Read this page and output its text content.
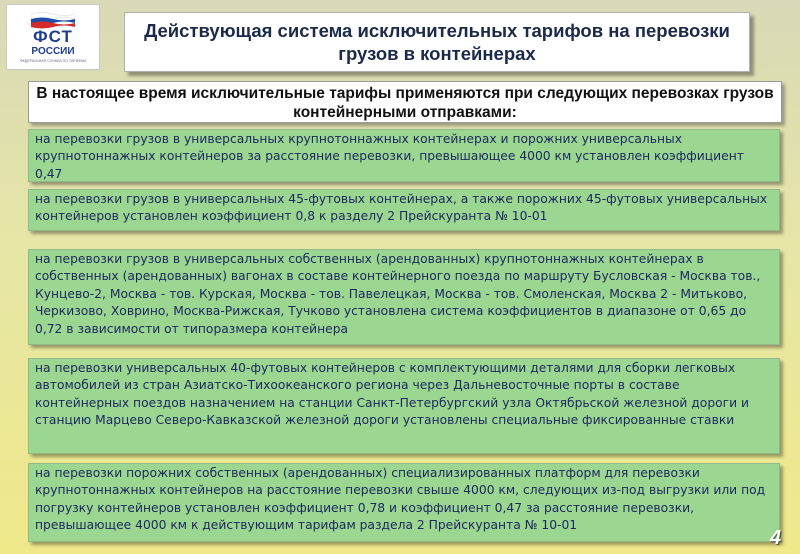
ФСТ
РОССИИ
ФЕДЕРАЛЬНАЯ СЛУЖБА ПО ТАРИФАМ
Действующая система исключительных тарифов на перевозки грузов в контейнерах
В настоящее время исключительные тарифы применяются при следующих перевозках грузов контейнерными отправками:
на перевозки грузов в универсальных крупнотоннажных контейнерах и порожних универсальных крупнотоннажных контейнеров за расстояние перевозки, превышающее 4000 км установлен коэффициент 0,47
на перевозки грузов в универсальных 45-футовых контейнерах, а также порожних 45-футовых универсальных контейнеров установлен коэффициент 0,8 к разделу 2 Прейскуранта № 10-01
на перевозки грузов в универсальных собственных (арендованных) крупнотоннажных контейнерах в собственных (арендованных) вагонах в составе контейнерного поезда по маршруту Бусловская - Москва тов., Кунцево-2, Москва - тов. Курская, Москва - тов. Павелецкая, Москва - тов. Смоленская, Москва 2 - Митьково, Черкизово, Ховрино, Москва-Рижская, Тучково установлена система коэффициентов в диапазоне от 0,65 до 0,72 в зависимости от типоразмера контейнера
на перевозки универсальных 40-футовых контейнеров с комплектующими деталями для сборки легковых автомобилей из стран Азиатско-Тихоокеанского региона через Дальневосточные порты в составе контейнерных поездов назначением на станции Санкт-Петербургский узла Октябрьской железной дороги и станцию Марцево Северо-Кавказской железной дороги установлены специальные фиксированные ставки
на перевозки порожних собственных (арендованных) специализированных платформ для перевозки крупнотоннажных контейнеров на расстояние перевозки свыше 4000 км, следующих из-под выгрузки или под погрузку контейнеров установлен коэффициент 0,78 и коэффициент 0,47 за расстояние перевозки, превышающее 4000 км к действующим тарифам раздела 2 Прейскуранта № 10-01
4
